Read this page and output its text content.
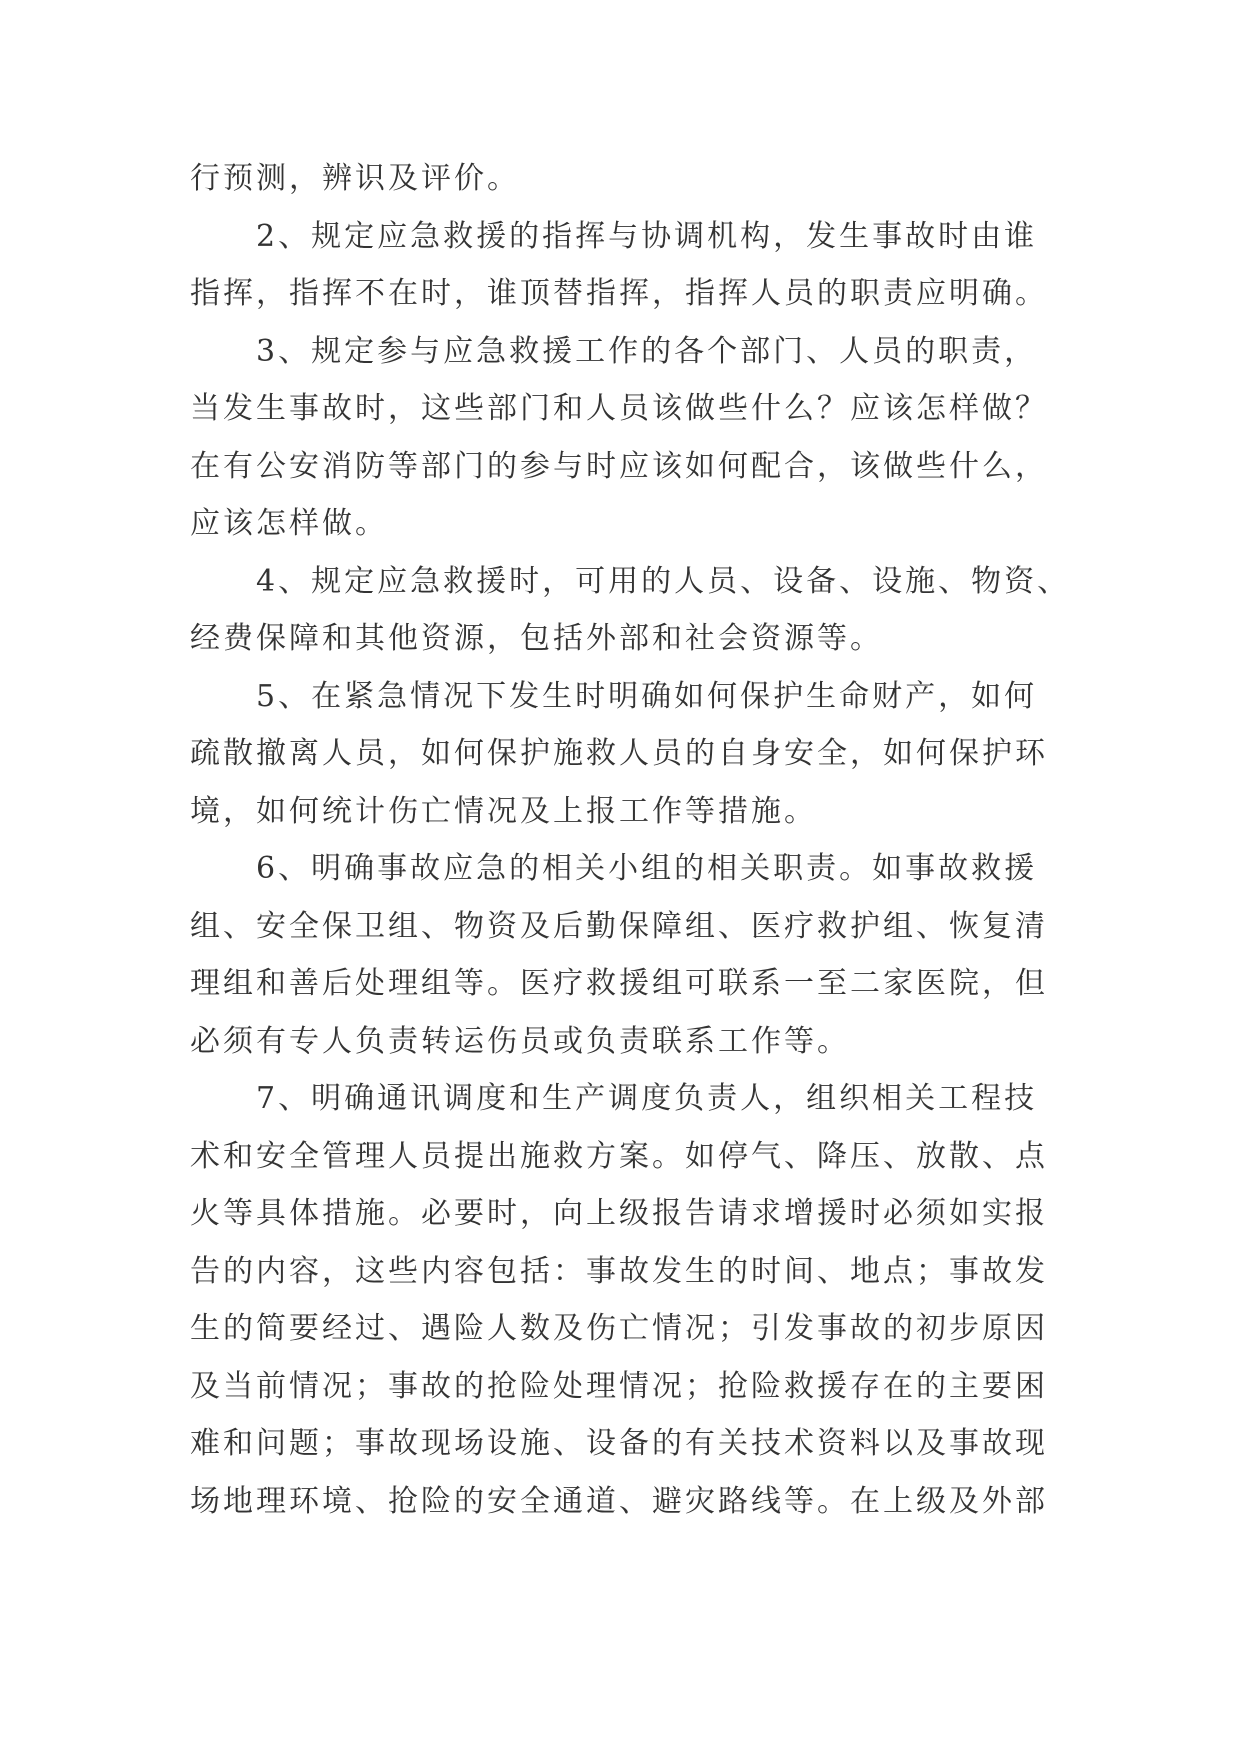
行预测，辨识及评价。
　　2、规定应急救援的指挥与协调机构，发生事故时由谁
指挥，指挥不在时，谁顶替指挥，指挥人员的职责应明确。
　　3、规定参与应急救援工作的各个部门、人员的职责，
当发生事故时，这些部门和人员该做些什么？应该怎样做？
在有公安消防等部门的参与时应该如何配合，该做些什么，
应该怎样做。
　　4、规定应急救援时，可用的人员、设备、设施、物资、
经费保障和其他资源，包括外部和社会资源等。
　　5、在紧急情况下发生时明确如何保护生命财产，如何
疏散撤离人员，如何保护施救人员的自身安全，如何保护环
境，如何统计伤亡情况及上报工作等措施。
　　6、明确事故应急的相关小组的相关职责。如事故救援
组、安全保卫组、物资及后勤保障组、医疗救护组、恢复清
理组和善后处理组等。医疗救援组可联系一至二家医院，但
必须有专人负责转运伤员或负责联系工作等。
　　7、明确通讯调度和生产调度负责人，组织相关工程技
术和安全管理人员提出施救方案。如停气、降压、放散、点
火等具体措施。必要时，向上级报告请求增援时必须如实报
告的内容，这些内容包括：事故发生的时间、地点；事故发
生的简要经过、遇险人数及伤亡情况；引发事故的初步原因
及当前情况；事故的抢险处理情况；抢险救援存在的主要困
难和问题；事故现场设施、设备的有关技术资料以及事故现
场地理环境、抢险的安全通道、避灾路线等。在上级及外部
